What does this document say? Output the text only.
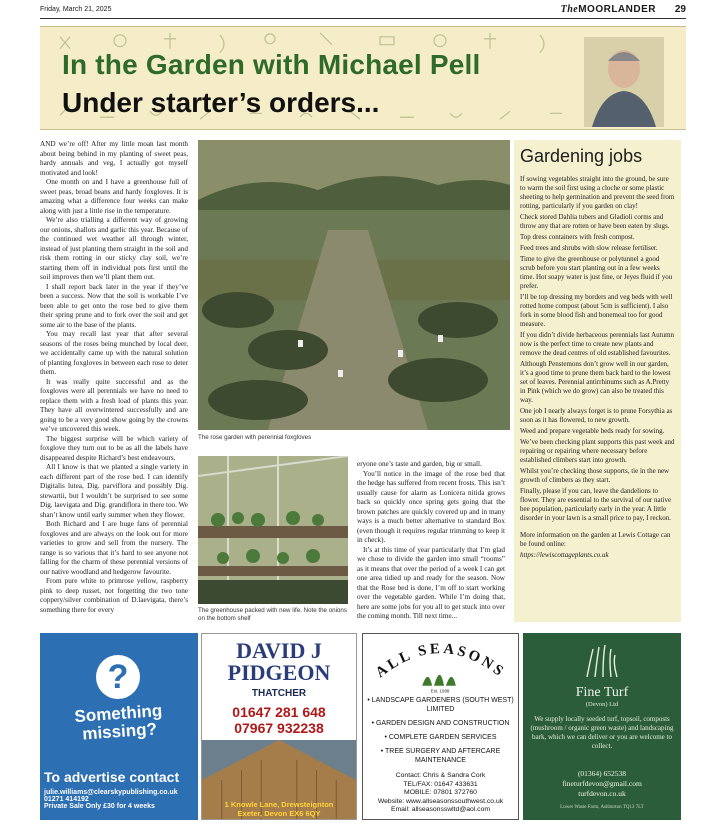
Friday, March 21, 2025	TheMOORLANDER 29
In the Garden with Michael Pell
Under starter’s orders...

AND we’re off! After my little moan last month about being behind in my planting of sweet peas, hardy annuals and veg, I actually got myself motivated and look!

One month on and I have a greenhouse full of sweet peas, broad beans and hardy foxgloves. It is amazing what a difference four weeks can make along with just a little rise in the temperature.

We’re also trialling a different way of growing our onions, shallots and garlic this year. Because of the continued wet weather all through winter, instead of just planting them straight in the soil and risk them rotting in our sticky clay soil, we’re starting them off in individual pots first until the soil improves then we’ll plant them out.

I shall report back later in the year if they’ve been a success. Now that the soil is workable I’ve been able to get onto the rose bed to give them their spring prune and to fork over the soil and get some air to the base of the plants.

You may recall last year that after several seasons of the roses being munched by local deer, we accidentally came up with the natural solution of planting foxgloves in between each rose to deter them.

It was really quite successful and as the foxgloves were all perennials we have no need to replace them with a fresh load of plants this year. They have all overwintered successfully and are going to be a very good show going by the crowns we’ve uncovered this week.

The biggest surprise will be which variety of foxglove they turn out to be as all the labels have disappeared despite Richard’s best endeavours.

All I know is that we planted a single variety in each different part of the rose bed. I can identify Digitalis lutea, Dig. parviflora and possibly Dig. stewartii, but I wouldn’t be surprised to see some Dig. laevigata and Dig. grandiflora in there too. We shan’t know until early summer when they flower.

Both Richard and I are huge fans of perennial foxgloves and are always on the look out for more varieties to grow and sell from the nursery. The range is so various that it’s hard to see anyone not falling for the charm of these perennial versions of our native woodland and hedgerow favourite.

From pure white to primrose yellow, raspberry pink to deep russet, not forgetting the two tone coppery/silver combination of D.laevigata, there’s something there for every

The rose garden with perennial foxgloves
The greenhouse packed with new life. Note the onions on the bottom shelf

eryone one’s taste and garden, big or small.

You’ll notice in the image of the rose bed that the hedge has suffered from recent frosts. This isn’t usually cause for alarm as Lonicera nitida grows back so quickly once spring gets going that the brown patches are quickly covered up and in many ways is a much better alternative to standard Box (even though it requires regular trimming to keep it in check).

It’s at this time of year particularly that I’m glad we chose to divide the garden into small “rooms” as it means that over the period of a week I can get one area tidied up and ready for the season. Now that the Rose bed is done, I’m off to start working over the vegetable garden. While I’m doing that, here are some jobs for you all to get stuck into over the coming month. Till next time...

Gardening jobs

If sowing vegetables straight into the ground, be sure to warm the soil first using a cloche or some plastic sheeting to help germination and prevent the seed from rotting, particularly if you garden on clay!

Check stored Dahlia tubers and Gladioli corms and throw any that are rotten or have been eaten by slugs.

Top dress containers with fresh compost.

Feed trees and shrubs with slow release fertiliser.

Time to give the greenhouse or polytunnel a good scrub before you start planting out in a few weeks time. Hot soapy water is just fine, or Jeyes fluid if you prefer.

I’ll be top dressing my borders and veg beds with well rotted home compost (about 5cm is sufficient). I also fork in some blood fish and bonemeal too for good measure.

If you didn’t divide herbaceous perennials last Autumn now is the perfect time to create new plants and remove the dead centres of old established favourites.

Although Penstemons don’t grow well in our garden, it’s a good time to prune them back hard to the lowest set of leaves. Perennial antirrhinums such as A.Pretty in Pink (which we do grow) can also be treated this way.

One job I nearly always forget is to prune Forsythia as soon as it has flowered, to new growth.

Weed and prepare vegetable beds ready for sowing.

We’ve been checking plant supports this past week and repairing or repairing where necessary before established climbers start into growth.

Whilst you’re checking those supports, tie in the new growth of climbers as they start.

Finally, please if you can, leave the dandelions to flower. They are essential to the survival of our native bee population, particularly early in the year. A little disorder in your lawn is a small price to pay, I reckon.

More information on the garden at Lewis Cottage can be found online:

https://lewiscottageplants.co.uk

?
Something missing?
To advertise contact
julie.williams@clearskypublishing.co.uk 01271 414192
Private Sale Only £30 for 4 weeks
DAVID J
PIDGEON
THATCHER
01647 281 648
07967 932238
1 Knowle Lane, Drewsteignton
Exeter, Devon EX6 6QY
ALL SEASONS
Est. 1988
• LANDSCAPE GARDENERS (SOUTH WEST) LIMITED
• GARDEN DESIGN AND CONSTRUCTION
• COMPLETE GARDEN SERVICES
• TREE SURGERY AND AFTERCARE MAINTENANCE
Contact: Chris & Sandra Cork
TEL/FAX: 01647 433631
MOBILE: 07801 372760
Website: www.allseasonssouthwest.co.uk
Email: allseasonsswltd@aol.com
Fine Turf
(Devon) Ltd
We supply locally seeded turf, topsoil, composts (mushroom / organic green waste) and landscaping bark, which we can deliver or you are welcome to collect.
(01364) 652538
fineturfdevon@gmail.com
turfdevon.co.uk
Lower Waste Farm, Ashburton TQ13 7LT
